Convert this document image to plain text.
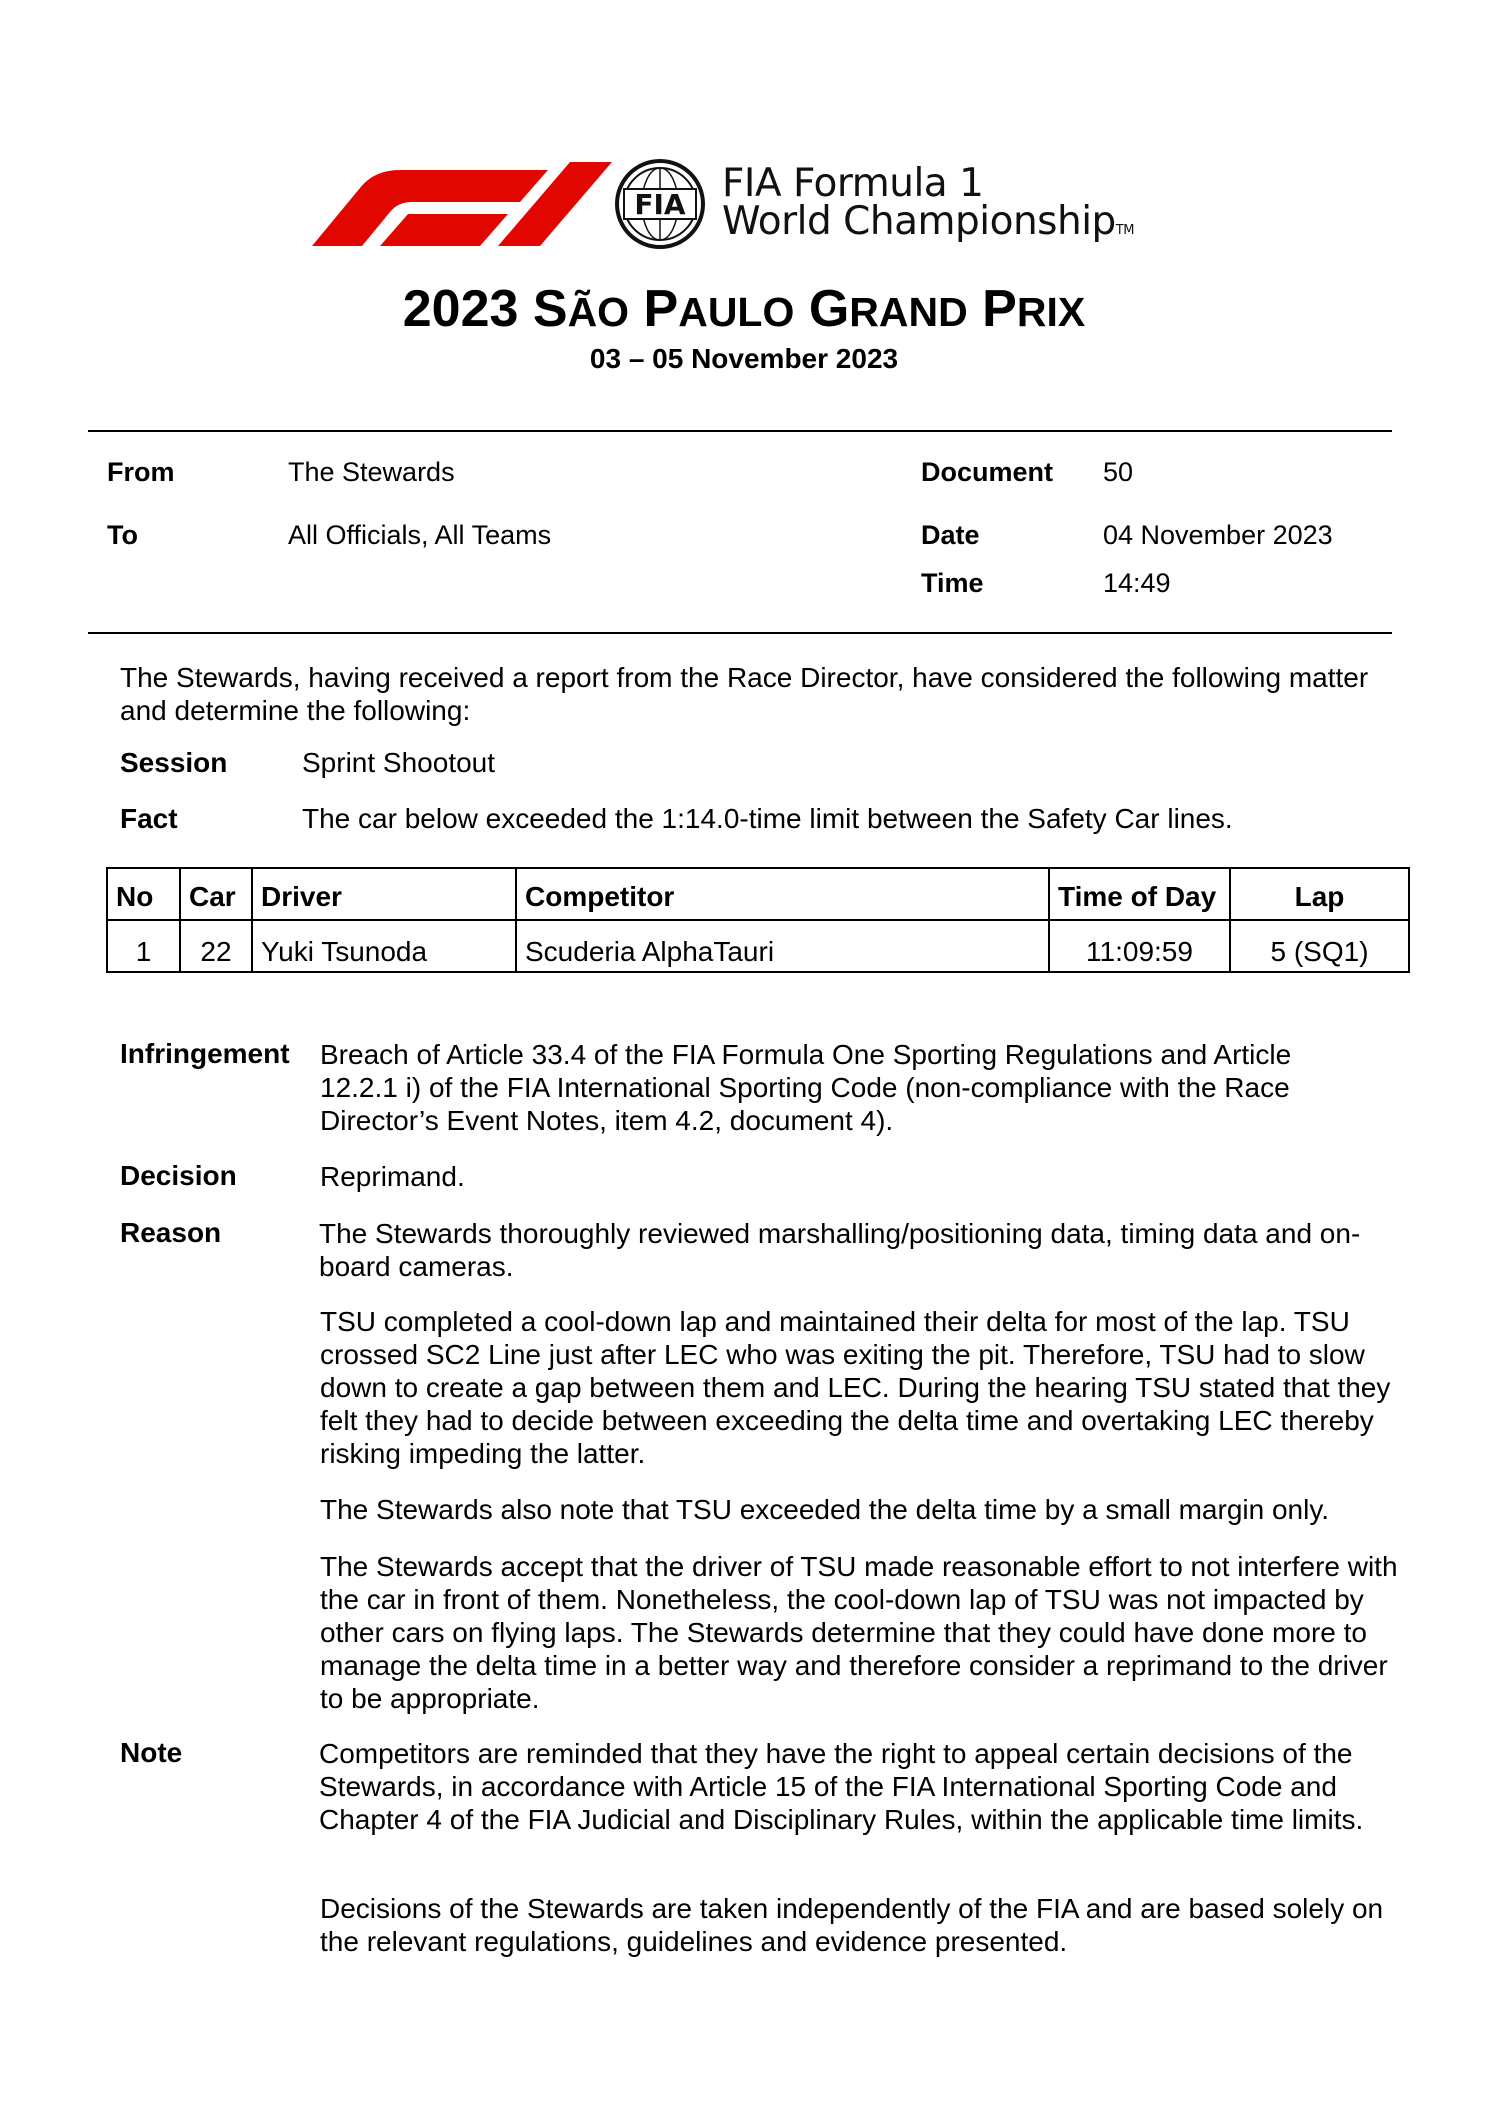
FIA FIA Formula 1
World ChampionshipTM
2023 SÃO PAULO GRAND PRIX
03 – 05 November 2023
From	The Stewards
To	All Officials, All Teams
Document 50
Date	04 November 2023
Time	14:49
The Stewards, having received a report from the Race Director, have considered the following matter and determine the following:
Session	Sprint Shootout
Fact	The car below exceeded the 1:14.0-time limit between the Safety Car lines.
No	Car	Driver	Competitor	Time of Day	Lap
1	22	Yuki Tsunoda	Scuderia AlphaTauri	11:09:59	5 (SQ1)
Infringement Breach of Article 33.4 of the FIA Formula One Sporting Regulations and Article 12.2.1 i) of the FIA International Sporting Code (non-compliance with the Race Director’s Event Notes, item 4.2, document 4).
Decision	Reprimand.
Reason	The Stewards thoroughly reviewed marshalling/positioning data, timing data and on-board cameras.
TSU completed a cool-down lap and maintained their delta for most of the lap. TSU crossed SC2 Line just after LEC who was exiting the pit. Therefore, TSU had to slow down to create a gap between them and LEC. During the hearing TSU stated that they felt they had to decide between exceeding the delta time and overtaking LEC thereby risking impeding the latter.
The Stewards also note that TSU exceeded the delta time by a small margin only.
The Stewards accept that the driver of TSU made reasonable effort to not interfere with the car in front of them. Nonetheless, the cool-down lap of TSU was not impacted by other cars on flying laps. The Stewards determine that they could have done more to manage the delta time in a better way and therefore consider a reprimand to the driver to be appropriate.
Note	Competitors are reminded that they have the right to appeal certain decisions of the Stewards, in accordance with Article 15 of the FIA International Sporting Code and Chapter 4 of the FIA Judicial and Disciplinary Rules, within the applicable time limits.
Decisions of the Stewards are taken independently of the FIA and are based solely on the relevant regulations, guidelines and evidence presented.
